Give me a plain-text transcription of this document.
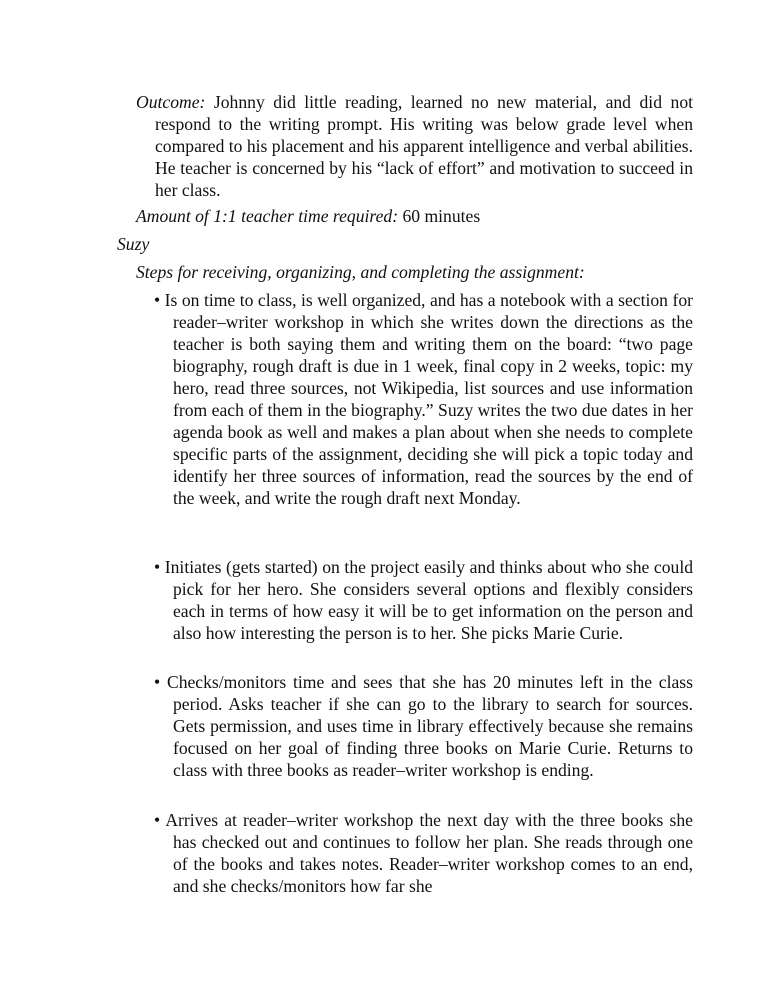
Outcome: Johnny did little reading, learned no new material, and did not respond to the writing prompt. His writing was below grade level when compared to his placement and his apparent intelligence and verbal abilities. He teacher is concerned by his “lack of effort” and motivation to succeed in her class.

Amount of 1:1 teacher time required: 60 minutes

Suzy

Steps for receiving, organizing, and completing the assignment:

• Is on time to class, is well organized, and has a notebook with a section for reader–writer workshop in which she writes down the directions as the teacher is both saying them and writing them on the board: “two page biography, rough draft is due in 1 week, final copy in 2 weeks, topic: my hero, read three sources, not Wikipedia, list sources and use information from each of them in the biography.” Suzy writes the two due dates in her agenda book as well and makes a plan about when she needs to complete specific parts of the assignment, deciding she will pick a topic today and identify her three sources of information, read the sources by the end of the week, and write the rough draft next Monday.

• Initiates (gets started) on the project easily and thinks about who she could pick for her hero. She considers several options and flexibly considers each in terms of how easy it will be to get information on the person and also how interesting the person is to her. She picks Marie Curie.

• Checks/monitors time and sees that she has 20 minutes left in the class period. Asks teacher if she can go to the library to search for sources. Gets permission, and uses time in library effectively because she remains focused on her goal of finding three books on Marie Curie. Returns to class with three books as reader–writer workshop is ending.

• Arrives at reader–writer workshop the next day with the three books she has checked out and continues to follow her plan. She reads through one of the books and takes notes. Reader–writer workshop comes to an end, and she checks/monitors how far she
